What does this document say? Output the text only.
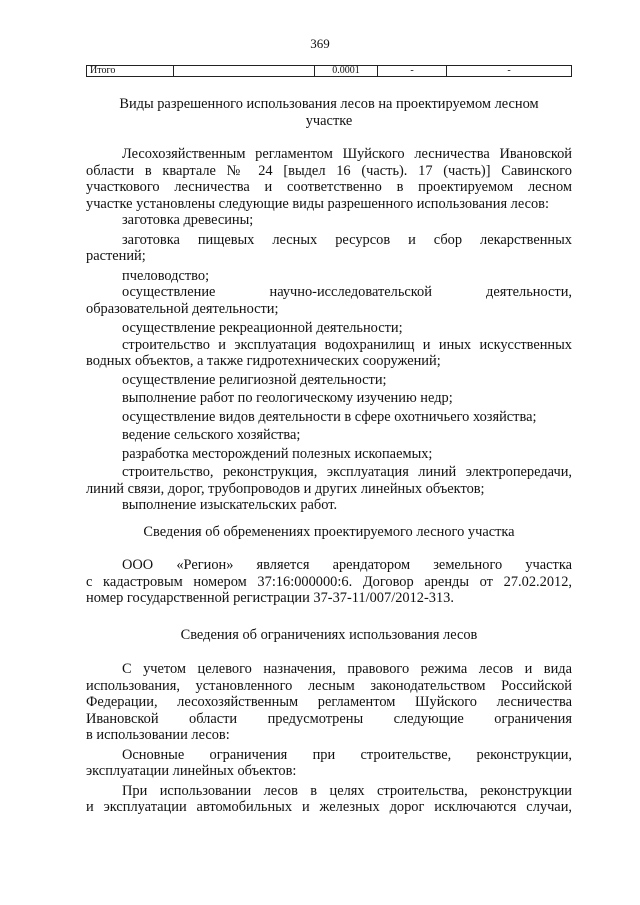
369
Итого		0.0001	-	-
Виды разрешенного использования лесов на проектируемом лесном
участке
Лесохозяйственным регламентом Шуйского лесничества Ивановской
области в квартале № 24 [выдел 16 (часть). 17 (часть)] Савинского
участкового лесничества и соответственно в проектируемом лесном
участке установлены следующие виды разрешенного использования лесов:
заготовка древесины;
заготовка пищевых лесных ресурсов и сбор лекарственных
растений;
пчеловодство;
осуществление научно-исследовательской деятельности,
образовательной деятельности;
осуществление рекреационной деятельности;
строительство и эксплуатация водохранилищ и иных искусственных
водных объектов, а также гидротехнических сооружений;
осуществление религиозной деятельности;
выполнение работ по геологическому изучению недр;
осуществление видов деятельности в сфере охотничьего хозяйства;
ведение сельского хозяйства;
разработка месторождений полезных ископаемых;
строительство, реконструкция, эксплуатация линий электропередачи,
линий связи, дорог, трубопроводов и других линейных объектов;
выполнение изыскательских работ.
Сведения об обременениях проектируемого лесного участка
ООО «Регион» является арендатором земельного участка
с кадастровым номером 37:16:000000:6. Договор аренды от 27.02.2012,
номер государственной регистрации 37-37-11/007/2012-313.
Сведения об ограничениях использования лесов
С учетом целевого назначения, правового режима лесов и вида
использования, установленного лесным законодательством Российской
Федерации, лесохозяйственным регламентом Шуйского лесничества
Ивановской области предусмотрены следующие ограничения
в использовании лесов:
Основные ограничения при строительстве, реконструкции,
эксплуатации линейных объектов:
При использовании лесов в целях строительства, реконструкции
и эксплуатации автомобильных и железных дорог исключаются случаи,
